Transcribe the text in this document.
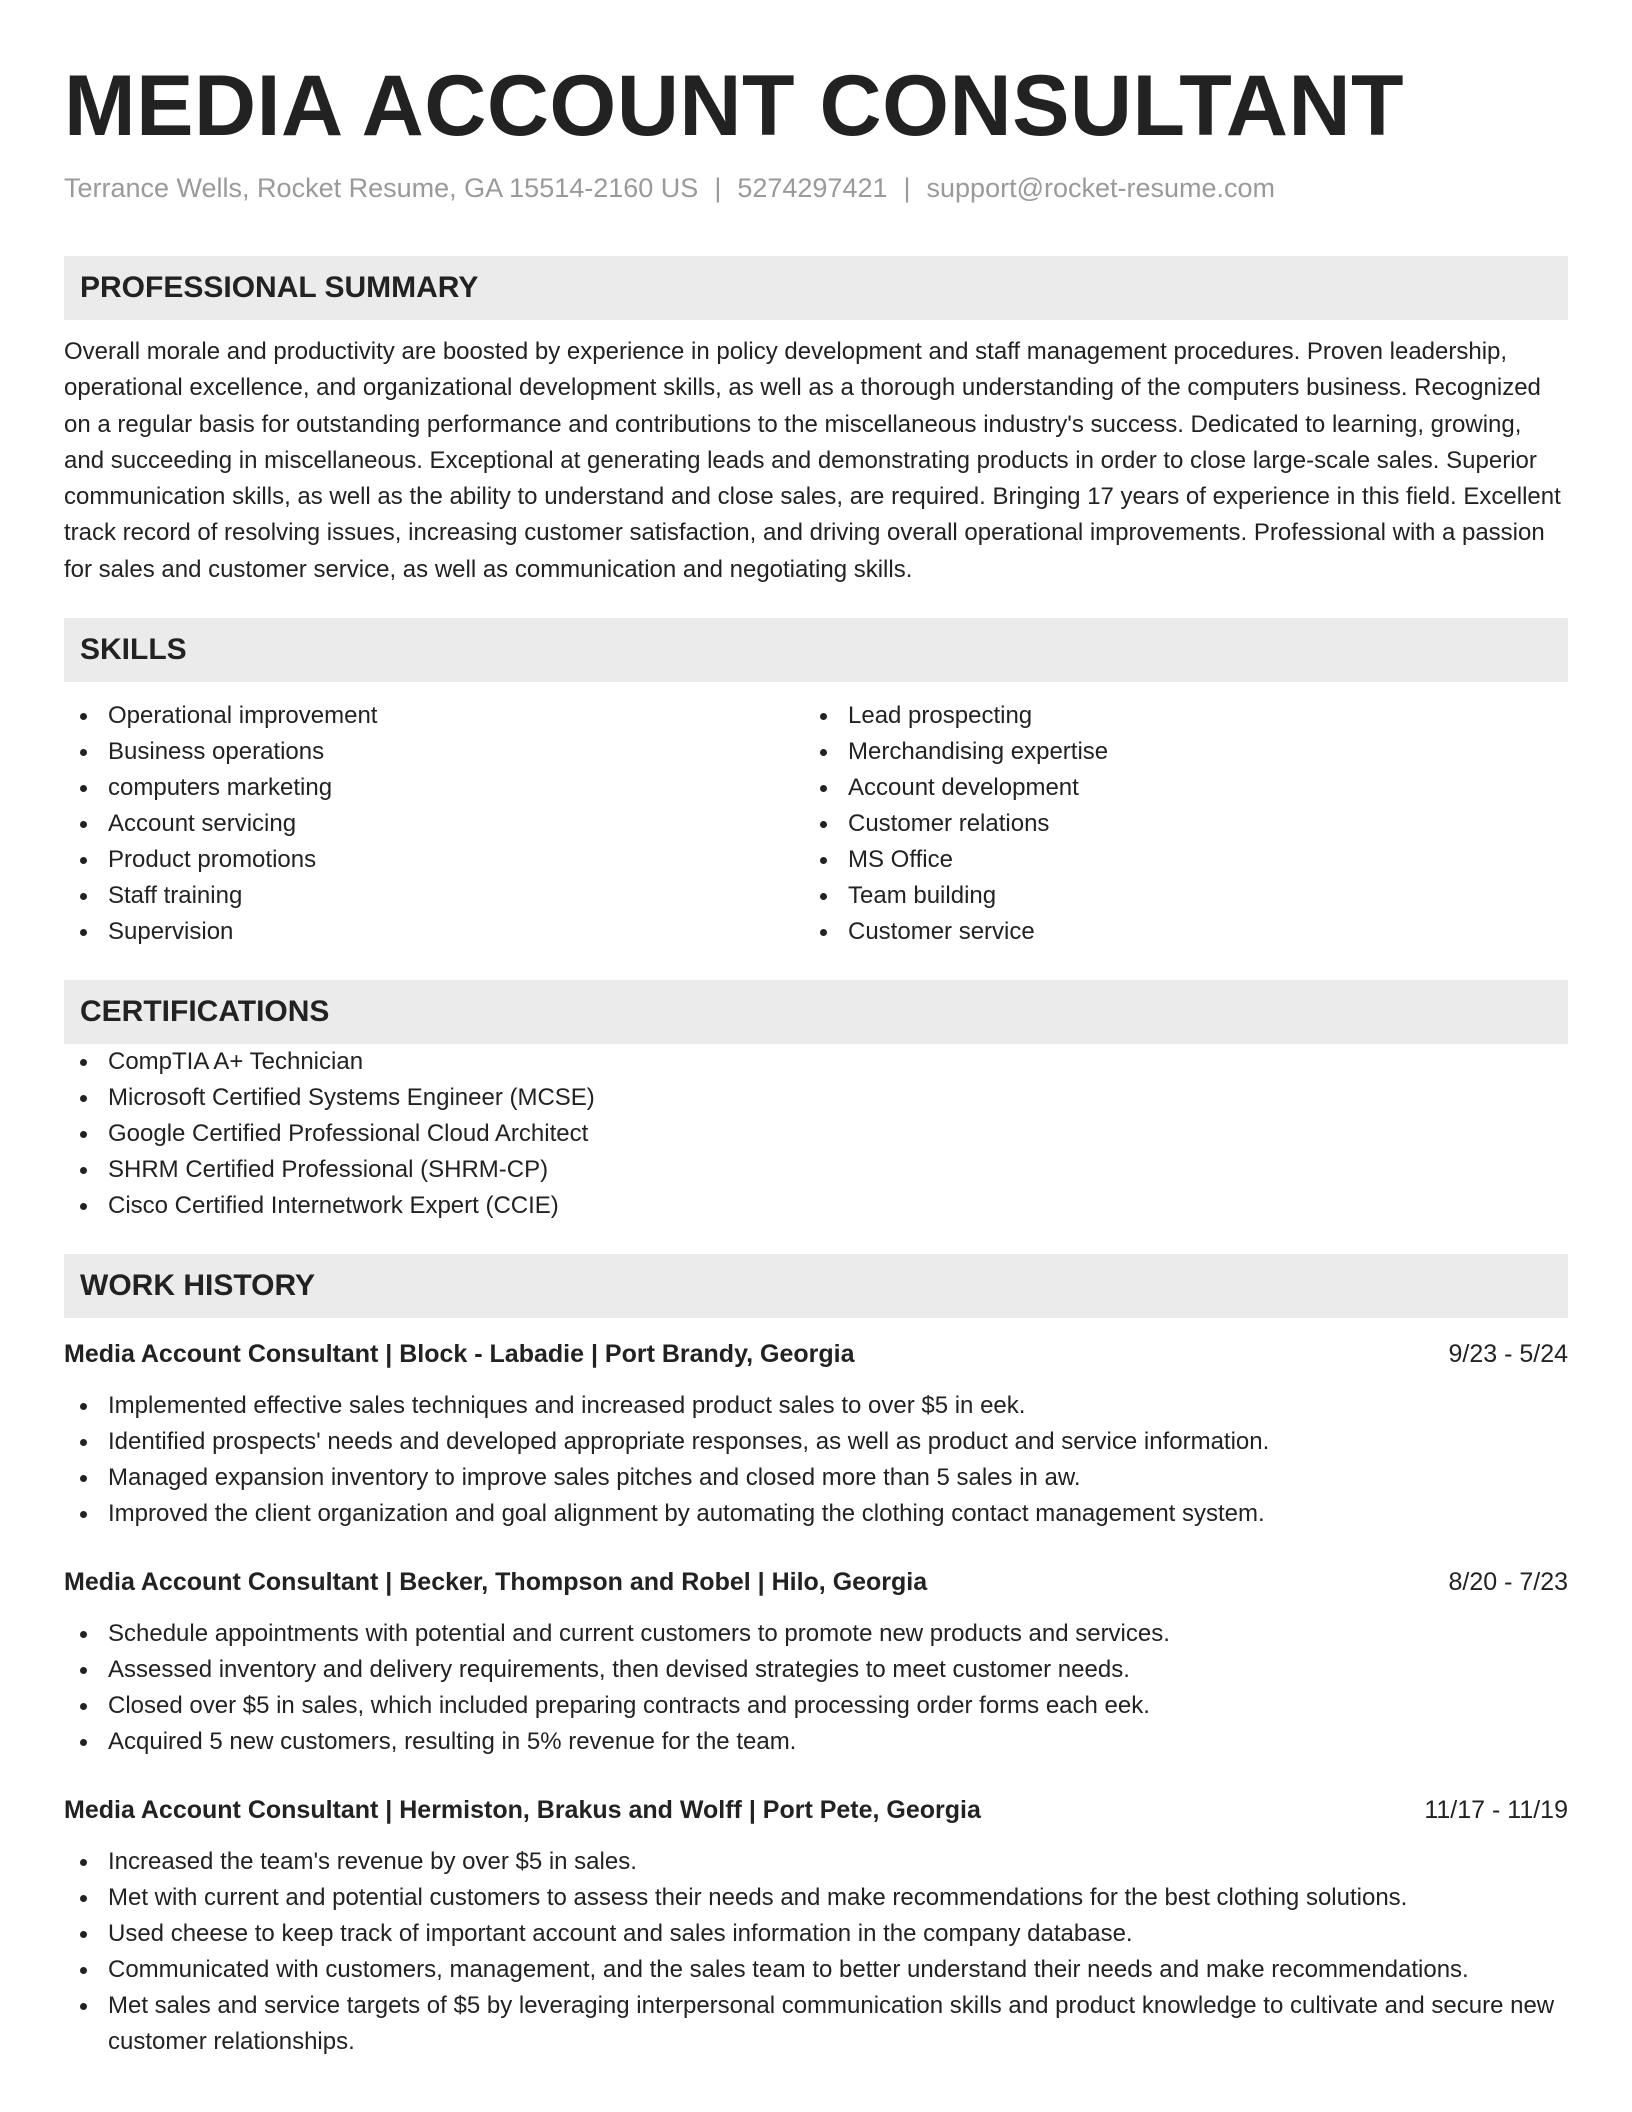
MEDIA ACCOUNT CONSULTANT
Terrance Wells, Rocket Resume, GA 15514-2160 US | 5274297421 | support@rocket-resume.com
PROFESSIONAL SUMMARY
Overall morale and productivity are boosted by experience in policy development and staff management procedures. Proven leadership, operational excellence, and organizational development skills, as well as a thorough understanding of the computers business. Recognized on a regular basis for outstanding performance and contributions to the miscellaneous industry's success. Dedicated to learning, growing, and succeeding in miscellaneous. Exceptional at generating leads and demonstrating products in order to close large-scale sales. Superior communication skills, as well as the ability to understand and close sales, are required. Bringing 17 years of experience in this field. Excellent track record of resolving issues, increasing customer satisfaction, and driving overall operational improvements. Professional with a passion for sales and customer service, as well as communication and negotiating skills.
SKILLS
Operational improvement
Business operations
computers marketing
Account servicing
Product promotions
Staff training
Supervision
Lead prospecting
Merchandising expertise
Account development
Customer relations
MS Office
Team building
Customer service
CERTIFICATIONS
CompTIA A+ Technician
Microsoft Certified Systems Engineer (MCSE)
Google Certified Professional Cloud Architect
SHRM Certified Professional (SHRM-CP)
Cisco Certified Internetwork Expert (CCIE)
WORK HISTORY
Media Account Consultant | Block - Labadie | Port Brandy, Georgia	9/23 - 5/24
Implemented effective sales techniques and increased product sales to over $5 in eek.
Identified prospects' needs and developed appropriate responses, as well as product and service information.
Managed expansion inventory to improve sales pitches and closed more than 5 sales in aw.
Improved the client organization and goal alignment by automating the clothing contact management system.
Media Account Consultant | Becker, Thompson and Robel | Hilo, Georgia	8/20 - 7/23
Schedule appointments with potential and current customers to promote new products and services.
Assessed inventory and delivery requirements, then devised strategies to meet customer needs.
Closed over $5 in sales, which included preparing contracts and processing order forms each eek.
Acquired 5 new customers, resulting in 5% revenue for the team.
Media Account Consultant | Hermiston, Brakus and Wolff | Port Pete, Georgia	11/17 - 11/19
Increased the team's revenue by over $5 in sales.
Met with current and potential customers to assess their needs and make recommendations for the best clothing solutions.
Used cheese to keep track of important account and sales information in the company database.
Communicated with customers, management, and the sales team to better understand their needs and make recommendations.
Met sales and service targets of $5 by leveraging interpersonal communication skills and product knowledge to cultivate and secure new customer relationships.
